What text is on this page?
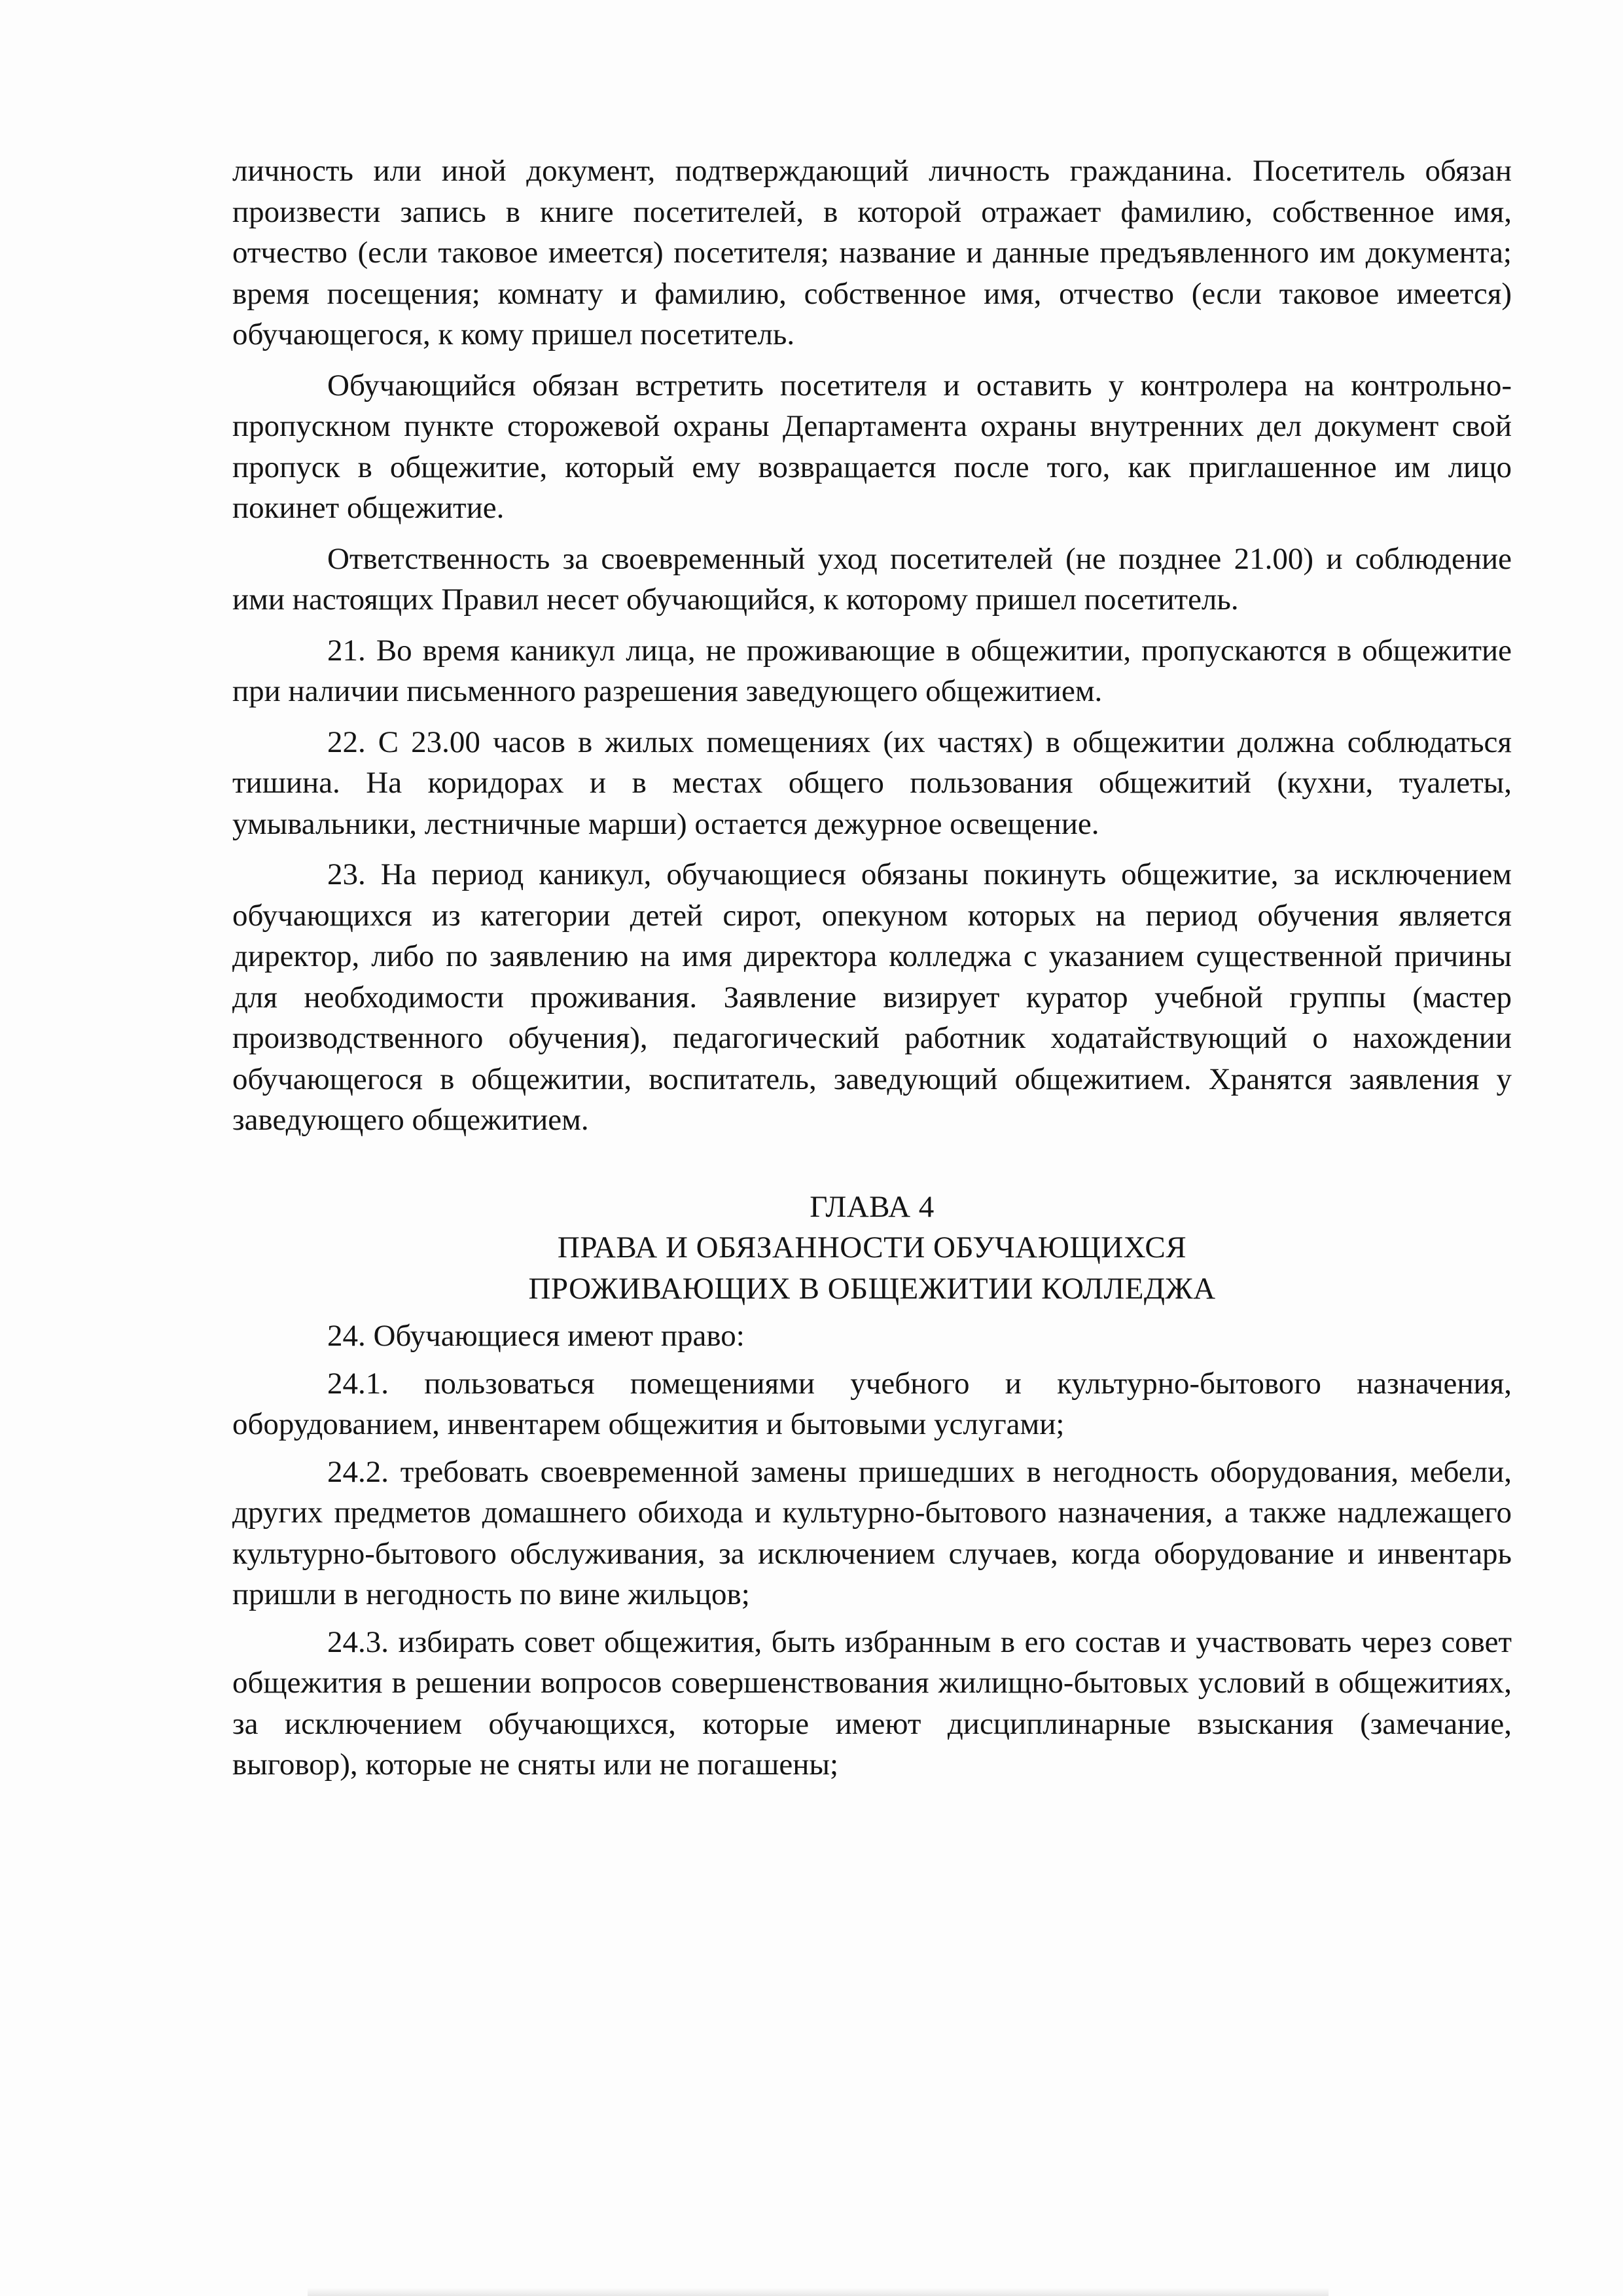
личность или иной документ, подтверждающий личность гражданина. Посетитель обязан произвести запись в книге посетителей, в которой отражает фамилию, собственное имя, отчество (если таковое имеется) посетителя; название и данные предъявленного им документа; время посещения; комнату и фамилию, собственное имя, отчество (если таковое имеется) обучающегося, к кому пришел посетитель.

Обучающийся обязан встретить посетителя и оставить у контролера на контрольно-пропускном пункте сторожевой охраны Департамента охраны внутренних дел документ свой пропуск в общежитие, который ему возвращается после того, как приглашенное им лицо покинет общежитие.

Ответственность за своевременный уход посетителей (не позднее 21.00) и соблюдение ими настоящих Правил несет обучающийся, к которому пришел посетитель.

21. Во время каникул лица, не проживающие в общежитии, пропускаются в общежитие при наличии письменного разрешения заведующего общежитием.

22. С 23.00 часов в жилых помещениях (их частях) в общежитии должна соблюдаться тишина. На коридорах и в местах общего пользования общежитий (кухни, туалеты, умывальники, лестничные марши) остается дежурное освещение.

23. На период каникул, обучающиеся обязаны покинуть общежитие, за исключением обучающихся из категории детей сирот, опекуном которых на период обучения является директор, либо по заявлению на имя директора колледжа с указанием существенной причины для необходимости проживания. Заявление визирует куратор учебной группы (мастер производственного обучения), педагогический работник ходатайствующий о нахождении обучающегося в общежитии, воспитатель, заведующий общежитием. Хранятся заявления у заведующего общежитием.

ГЛАВА 4

ПРАВА И ОБЯЗАННОСТИ ОБУЧАЮЩИХСЯ

ПРОЖИВАЮЩИХ В ОБЩЕЖИТИИ КОЛЛЕДЖА

24. Обучающиеся имеют право:

24.1. пользоваться помещениями учебного и культурно-бытового назначения, оборудованием, инвентарем общежития и бытовыми услугами;

24.2. требовать своевременной замены пришедших в негодность оборудования, мебели, других предметов домашнего обихода и культурно-бытового назначения, а также надлежащего культурно-бытового обслуживания, за исключением случаев, когда оборудование и инвентарь пришли в негодность по вине жильцов;

24.3. избирать совет общежития, быть избранным в его состав и участвовать через совет общежития в решении вопросов совершенствования жилищно-бытовых условий в общежитиях, за исключением обучающихся, которые имеют дисциплинарные взыскания (замечание, выговор), которые не сняты или не погашены;
